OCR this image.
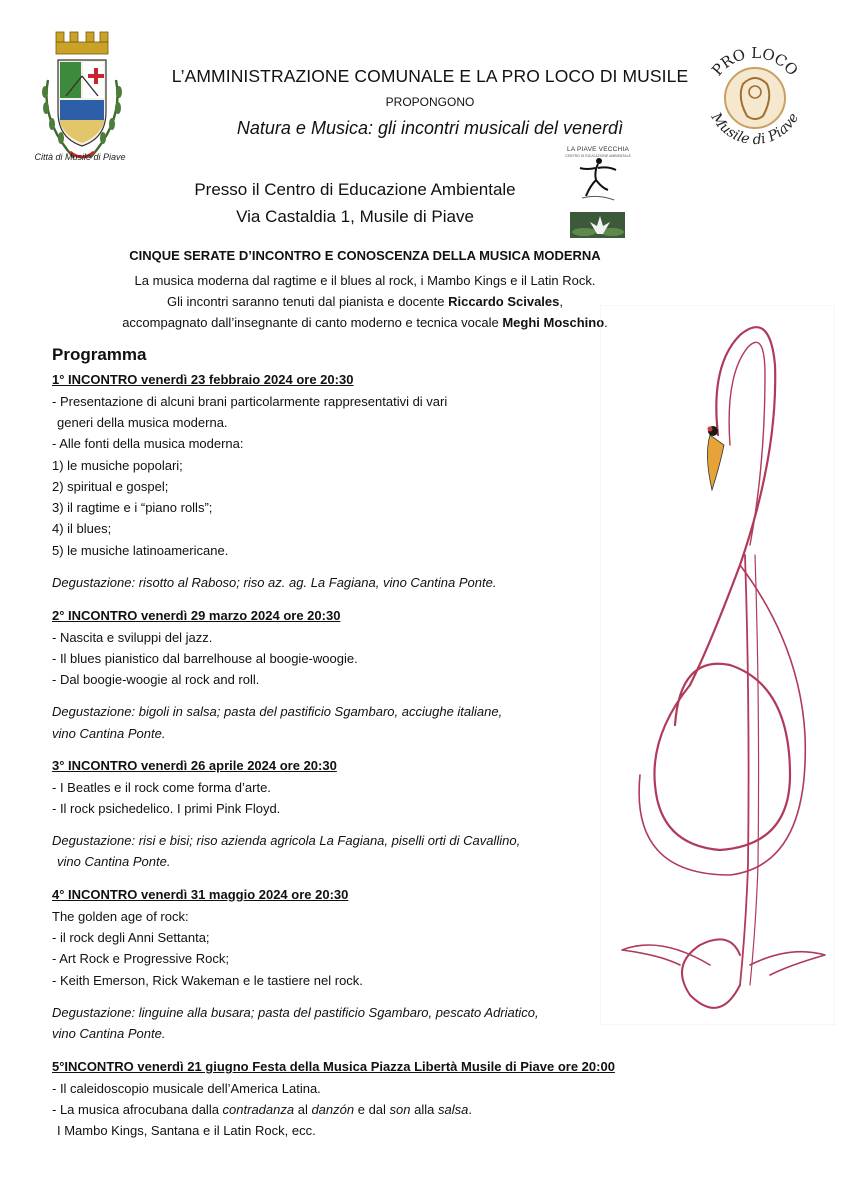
Città di Musile di Piave
L’AMMINISTRAZIONE COMUNALE E LA PRO LOCO DI MUSILE
PROPONGONO
Natura e Musica: gli incontri musicali del venerdì
PRO LOCO
Musile di Piave
Presso il Centro di Educazione Ambientale
Via Castaldia 1, Musile di Piave
LA PIAVE VECCHIA
CENTRO DI EDUCAZIONE AMBIENTALE
CINQUE SERATE D’INCONTRO E CONOSCENZA DELLA MUSICA MODERNA
La musica moderna dal ragtime e il blues al rock, i Mambo Kings e il Latin Rock.
Gli incontri saranno tenuti dal pianista e docente Riccardo Scivales,
accompagnato dall’insegnante di canto moderno e tecnica vocale Meghi Moschino.
Programma
1° INCONTRO venerdì 23 febbraio 2024 ore 20:30
- Presentazione di alcuni brani particolarmente rappresentativi di vari
generi della musica moderna.
- Alle fonti della musica moderna:
1) le musiche popolari;
2) spiritual e gospel;
3) il ragtime e i “piano rolls”;
4) il blues;
5) le musiche latinoamericane.
Degustazione: risotto al Raboso; riso az. ag. La Fagiana, vino Cantina Ponte.
2° INCONTRO venerdì 29 marzo 2024 ore 20:30
- Nascita e sviluppi del jazz.
- Il blues pianistico dal barrelhouse al boogie-woogie.
- Dal boogie-woogie al rock and roll.
Degustazione: bigoli in salsa; pasta del pastificio Sgambaro, acciughe italiane,
vino Cantina Ponte.
3° INCONTRO venerdì 26 aprile 2024 ore 20:30
- I Beatles e il rock come forma d’arte.
- Il rock psichedelico. I primi Pink Floyd.
Degustazione: risi e bisi; riso azienda agricola La Fagiana, piselli orti di Cavallino,
vino Cantina Ponte.
4° INCONTRO venerdì 31 maggio 2024 ore 20:30
The golden age of rock:
- il rock degli Anni Settanta;
- Art Rock e Progressive Rock;
- Keith Emerson, Rick Wakeman e le tastiere nel rock.
Degustazione: linguine alla busara; pasta del pastificio Sgambaro, pescato Adriatico,
vino Cantina Ponte.
5°INCONTRO venerdì 21 giugno Festa della Musica Piazza Libertà Musile di Piave ore 20:00
- Il caleidoscopio musicale dell’America Latina.
- La musica afrocubana dalla contradanza al danzón e dal son alla salsa.
I Mambo Kings, Santana e il Latin Rock, ecc.
